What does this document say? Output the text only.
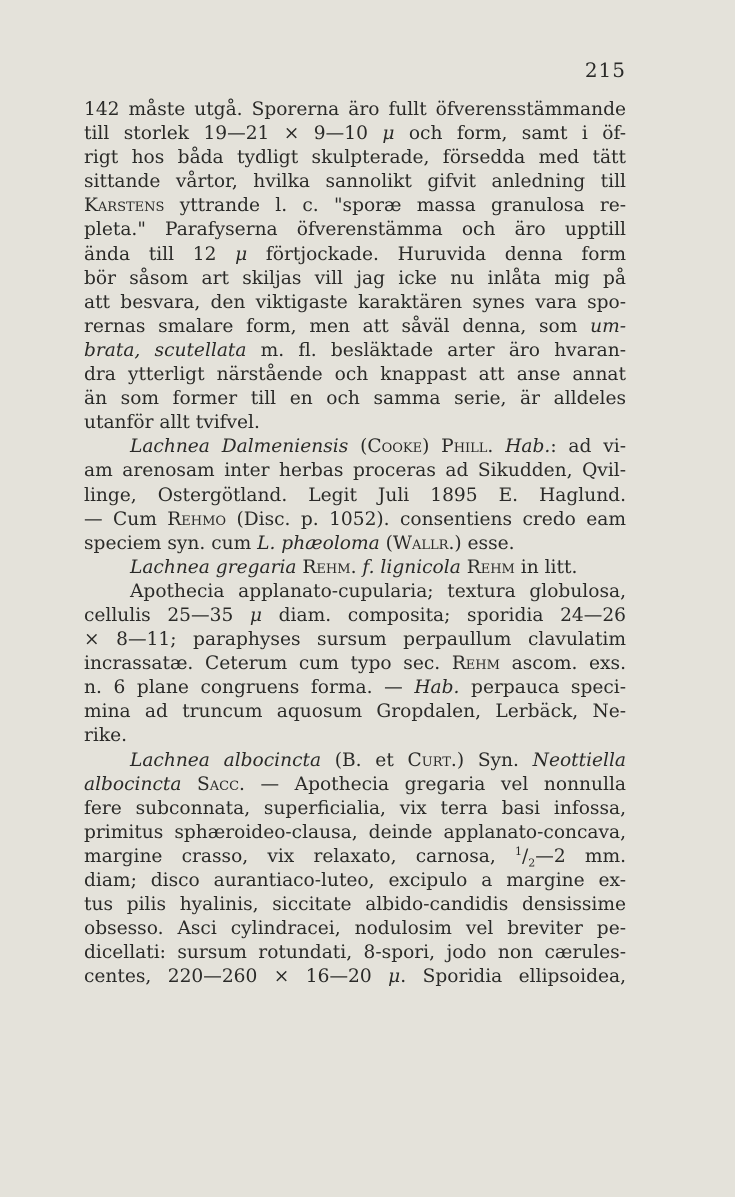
215
142 måste utgå. Sporerna äro fullt öfverensstämmande
till storlek 19—21 × 9—10 μ och form, samt i öf-
rigt hos båda tydligt skulpterade, försedda med tätt
sittande vårtor, hvilka sannolikt gifvit anledning till
Karstens yttrande l. c. "sporæ massa granulosa re-
pleta." Parafyserna öfverenstämma och äro upptill
ända till 12 μ förtjockade. Huruvida denna form
bör såsom art skiljas vill jag icke nu inlåta mig på
att besvara, den viktigaste karaktären synes vara spo-
rernas smalare form, men att såväl denna, som um-
brata, scutellata m. fl. besläktade arter äro hvaran-
dra ytterligt närstående och knappast att anse annat
än som former till en och samma serie, är alldeles
utanför allt tvifvel.
Lachnea Dalmeniensis (Cooke) Phill. Hab.: ad vi-
am arenosam inter herbas proceras ad Sikudden, Qvil-
linge, Ostergötland. Legit Juli 1895 E. Haglund.
— Cum Rehmo (Disc. p. 1052). consentiens credo eam
speciem syn. cum L. phæoloma (Wallr.) esse.
Lachnea gregaria Rehm. f. lignicola Rehm in litt.
Apothecia applanato-cupularia; textura globulosa,
cellulis 25—35 μ diam. composita; sporidia 24—26
× 8—11; paraphyses sursum perpaullum clavulatim
incrassatæ. Ceterum cum typo sec. Rehm ascom. exs.
n. 6 plane congruens forma. — Hab. perpauca speci-
mina ad truncum aquosum Gropdalen, Lerbäck, Ne-
rike.
Lachnea albocincta (B. et Curt.) Syn. Neottiella
albocincta Sacc. — Apothecia gregaria vel nonnulla
fere subconnata, superficialia, vix terra basi infossa,
primitus sphæroideo-clausa, deinde applanato-concava,
margine crasso, vix relaxato, carnosa, $^1/_2—2$ mm.
diam; disco aurantiaco-luteo, excipulo a margine ex-
tus pilis hyalinis, siccitate albido-candidis densissime
obsesso. Asci cylindracei, nodulosim vel breviter pe-
dicellati: sursum rotundati, 8-spori, jodo non cærules-
centes, 220—260 × 16—20 μ. Sporidia ellipsoidea,
